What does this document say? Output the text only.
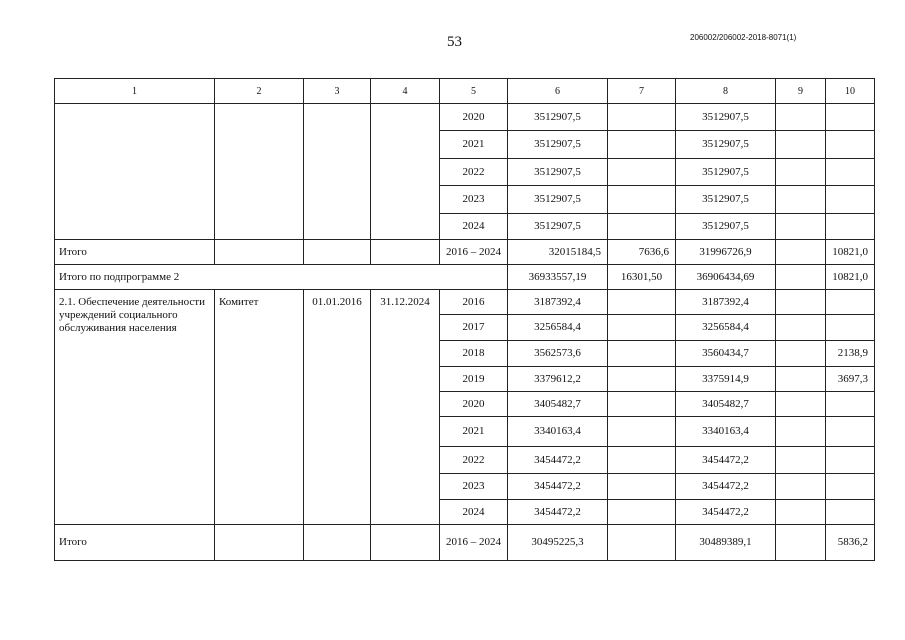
53	206002/206002-2018-8071(1)
1	2	3	4	5	6	7	8	9	10
				2020	3512907,5		3512907,5		
				2021	3512907,5		3512907,5		
				2022	3512907,5		3512907,5		
				2023	3512907,5		3512907,5		
				2024	3512907,5		3512907,5		
Итого				2016 – 2024	32015184,5	7636,6	31996726,9		10821,0
Итого по подпрограмме 2					36933557,19	16301,50	36906434,69		10821,0
2.1. Обеспечение деятельности учреждений социального обслуживания населения	Комитет	01.01.2016	31.12.2024	2016	3187392,4		3187392,4		
				2017	3256584,4		3256584,4		
				2018	3562573,6		3560434,7		2138,9
				2019	3379612,2		3375914,9		3697,3
				2020	3405482,7		3405482,7		
				2021	3340163,4		3340163,4		
				2022	3454472,2		3454472,2		
				2023	3454472,2		3454472,2		
				2024	3454472,2		3454472,2		
Итого				2016 – 2024	30495225,3		30489389,1		5836,2
